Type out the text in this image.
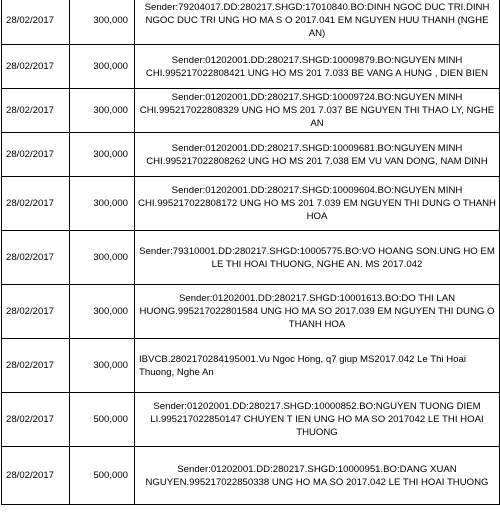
28/02/2017	300,000	Sender:79204017.DD:280217.SHGD:17010840.BO:DINH NGOC DUC TRI.DINH NGOC DUC TRI UNG HO MA S O 2017.041 EM NGUYEN HUU THANH (NGHE AN)
28/02/2017	300,000	Sender:01202001.DD:280217.SHGD:10009879.BO:NGUYEN MINH CHI.995217022808421 UNG HO MS 201 7.033 BE VANG A HUNG , DIEN BIEN
28/02/2017	300,000	Sender:01202001.DD:280217.SHGD:10009724.BO:NGUYEN MINH CHI.995217022808329 UNG HO MS 201 7.037 BE NGUYEN THI THAO LY, NGHE AN
28/02/2017	300,000	Sender:01202001.DD:280217.SHGD:10009681.BO:NGUYEN MINH CHI.995217022808262 UNG HO MS 201 7.038 EM VU VAN DONG, NAM DINH
28/02/2017	300,000	Sender:01202001.DD:280217.SHGD:10009604.BO:NGUYEN MINH CHI.995217022808172 UNG HO MS 201 7.039 EM NGUYEN THI DUNG O THANH HOA
28/02/2017	300,000	Sender:79310001.DD:280217.SHGD:10005775.BO:VO HOANG SON.UNG HO EM LE THI HOAI THUONG, NGHE AN. MS 2017.042
28/02/2017	300,000	Sender:01202001.DD:280217.SHGD:10001613.BO:DO THI LAN HUONG.995217022801584 UNG HO MA SO 2017.039 EM NGUYEN THI DUNG O THANH HOA
28/02/2017	300,000	IBVCB.2802170284195001.Vu Ngoc Hong, q7 giup MS2017.042 Le Thi Hoai Thuong, Nghe An
28/02/2017	500,000	Sender:01202001.DD:280217.SHGD:10000852.BO:NGUYEN TUONG DIEM LI.995217022850147 CHUYEN T IEN UNG HO MA SO 2017042 LE THI HOAI THUONG
28/02/2017	500,000	Sender:01202001.DD:280217.SHGD:10000951.BO:DANG XUAN NGUYEN.995217022850338 UNG HO MA SO 2017.042 LE THI HOAI THUONG
